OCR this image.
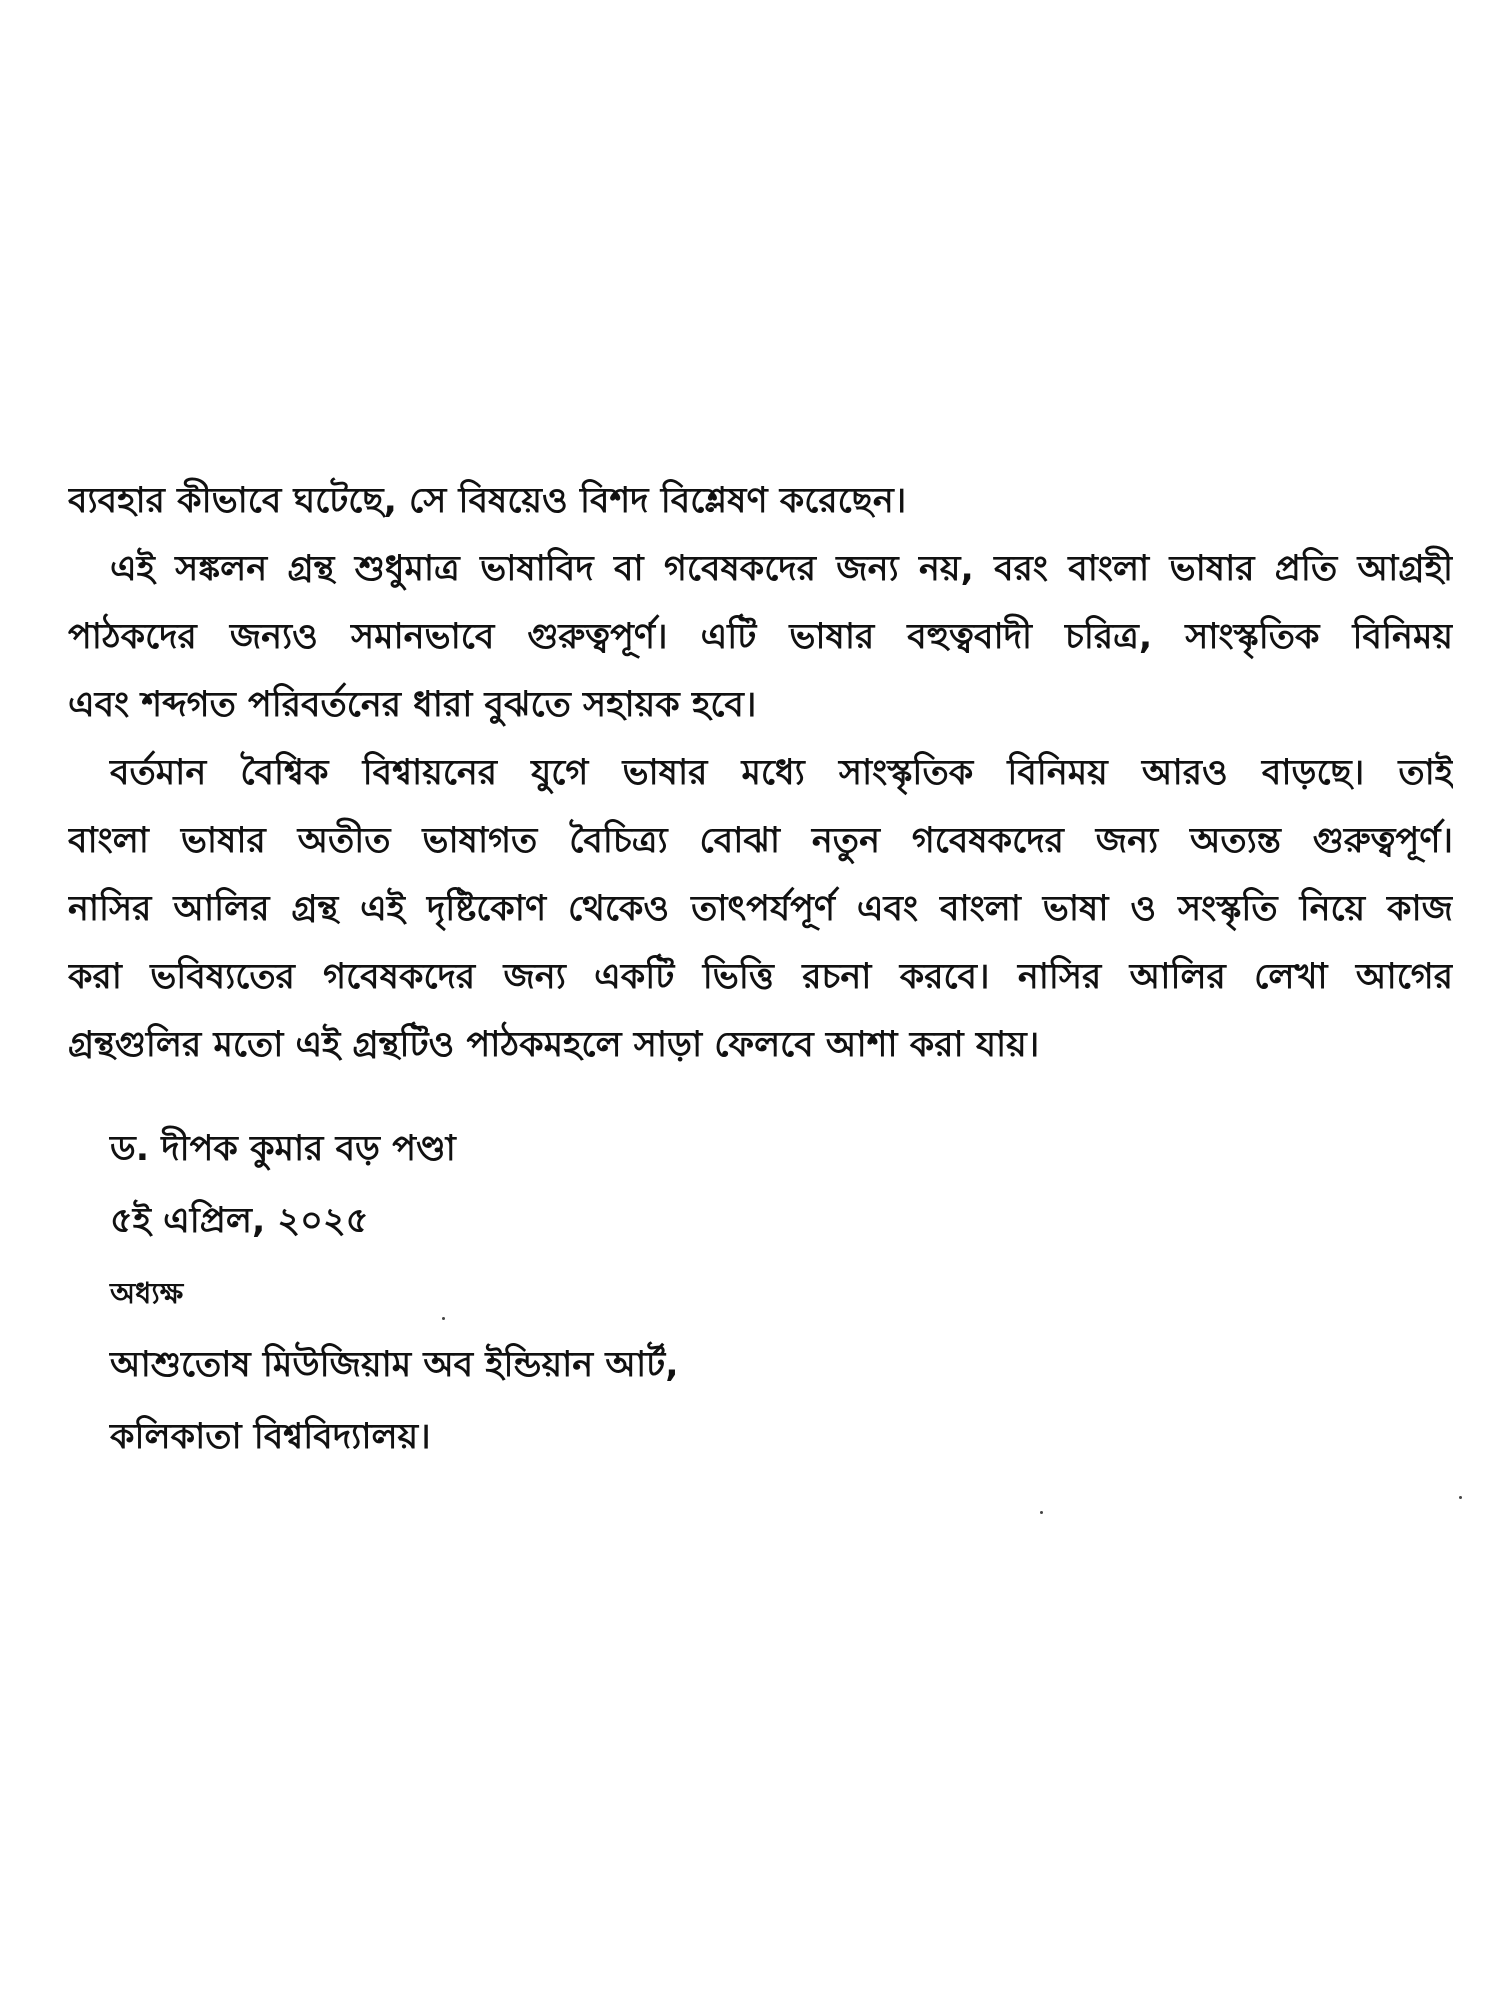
ব্যবহার কীভাবে ঘটেছে, সে বিষয়েও বিশদ বিশ্লেষণ করেছেন।
এই সঙ্কলন গ্রন্থ শুধুমাত্র ভাষাবিদ বা গবেষকদের জন্য নয়, বরং বাংলা ভাষার প্রতি আগ্রহী
পাঠকদের জন্যও সমানভাবে গুরুত্বপূর্ণ। এটি ভাষার বহুত্ববাদী চরিত্র, সাংস্কৃতিক বিনিময়
এবং শব্দগত পরিবর্তনের ধারা বুঝতে সহায়ক হবে।
বর্তমান বৈশ্বিক বিশ্বায়নের যুগে ভাষার মধ্যে সাংস্কৃতিক বিনিময় আরও বাড়ছে। তাই
বাংলা ভাষার অতীত ভাষাগত বৈচিত্র্য বোঝা নতুন গবেষকদের জন্য অত্যন্ত গুরুত্বপূর্ণ।
নাসির আলির গ্রন্থ এই দৃষ্টিকোণ থেকেও তাৎপর্যপূর্ণ এবং বাংলা ভাষা ও সংস্কৃতি নিয়ে কাজ
করা ভবিষ্যতের গবেষকদের জন্য একটি ভিত্তি রচনা করবে। নাসির আলির লেখা আগের
গ্রন্থগুলির মতো এই গ্রন্থটিও পাঠকমহলে সাড়া ফেলবে আশা করা যায়।
ড. দীপক কুমার বড় পণ্ডা
৫ই এপ্রিল, ২০২৫
অধ্যক্ষ
আশুতোষ মিউজিয়াম অব ইন্ডিয়ান আর্ট,
কলিকাতা বিশ্ববিদ্যালয়।
